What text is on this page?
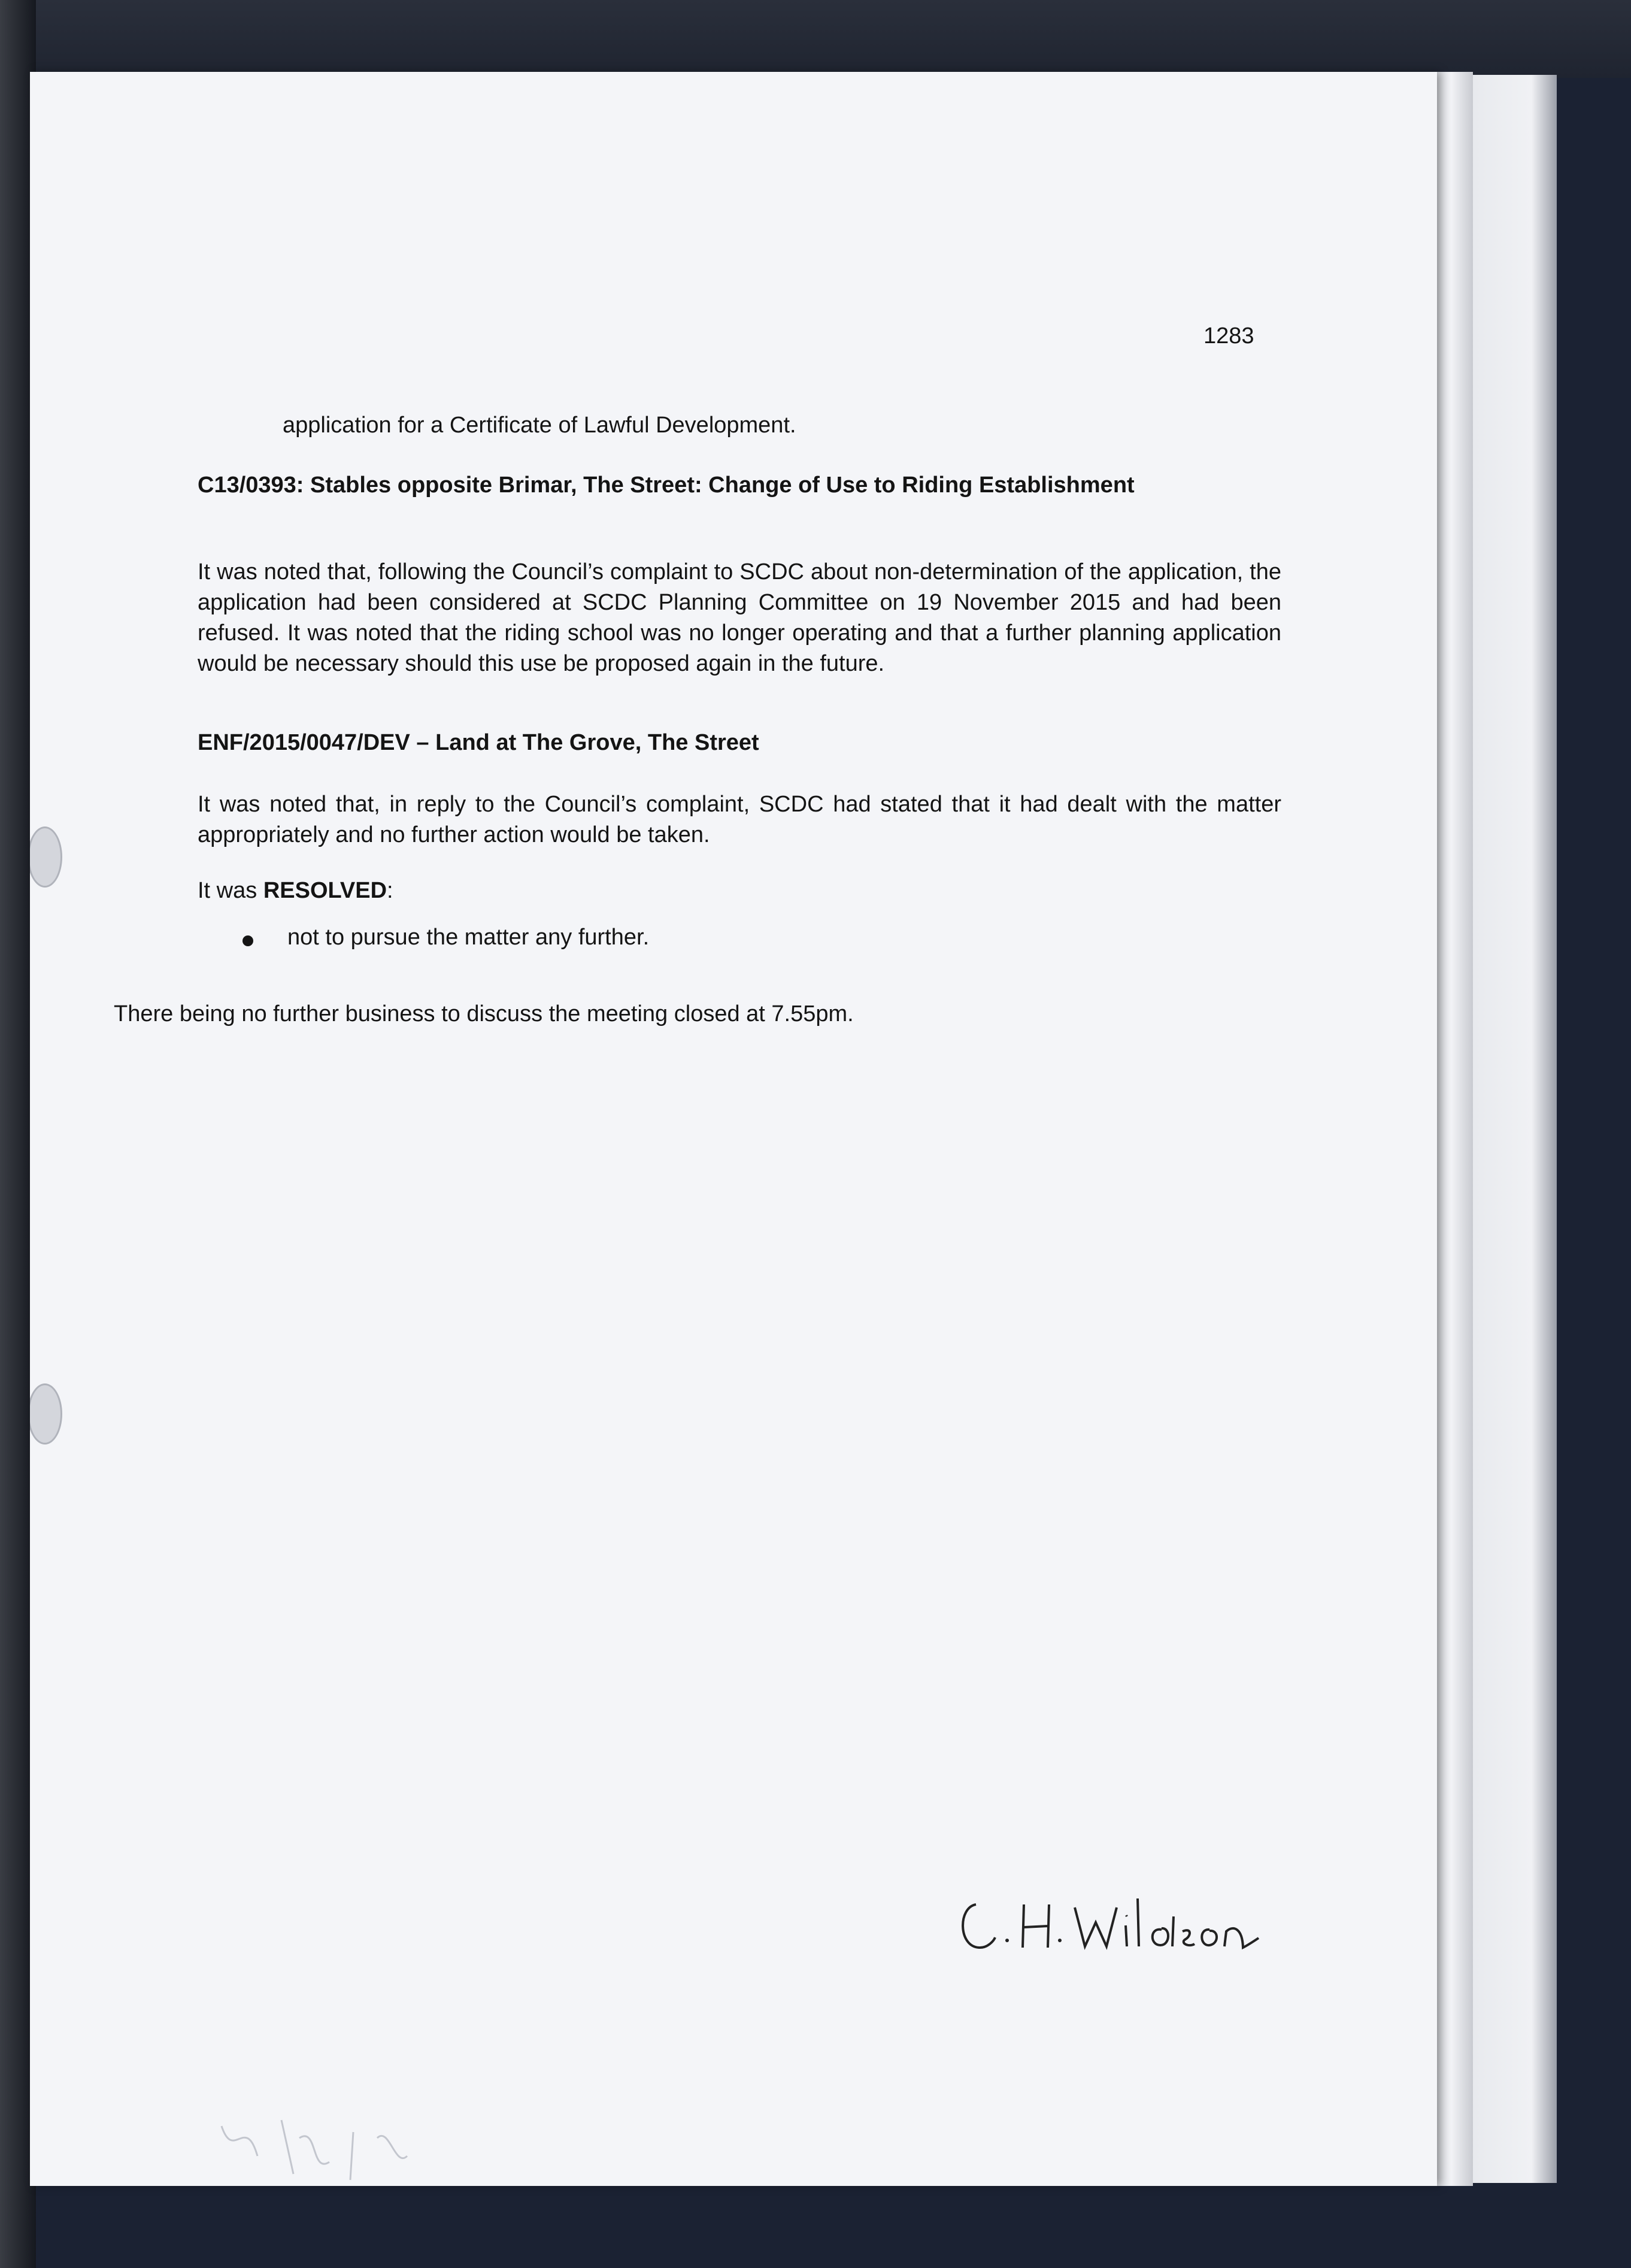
1283

application for a Certificate of Lawful Development.

C13/0393: Stables opposite Brimar, The Street: Change of Use to Riding Establishment

It was noted that, following the Council’s complaint to SCDC about non-determination of the application, the application had been considered at SCDC Planning Committee on 19 November 2015 and had been refused. It was noted that the riding school was no longer operating and that a further planning application would be necessary should this use be proposed again in the future.

ENF/2015/0047/DEV – Land at The Grove, The Street

It was noted that, in reply to the Council’s complaint, SCDC had stated that it had dealt with the matter appropriately and no further action would be taken.

It was RESOLVED:

not to pursue the matter any further.

There being no further business to discuss the meeting closed at 7.55pm.
